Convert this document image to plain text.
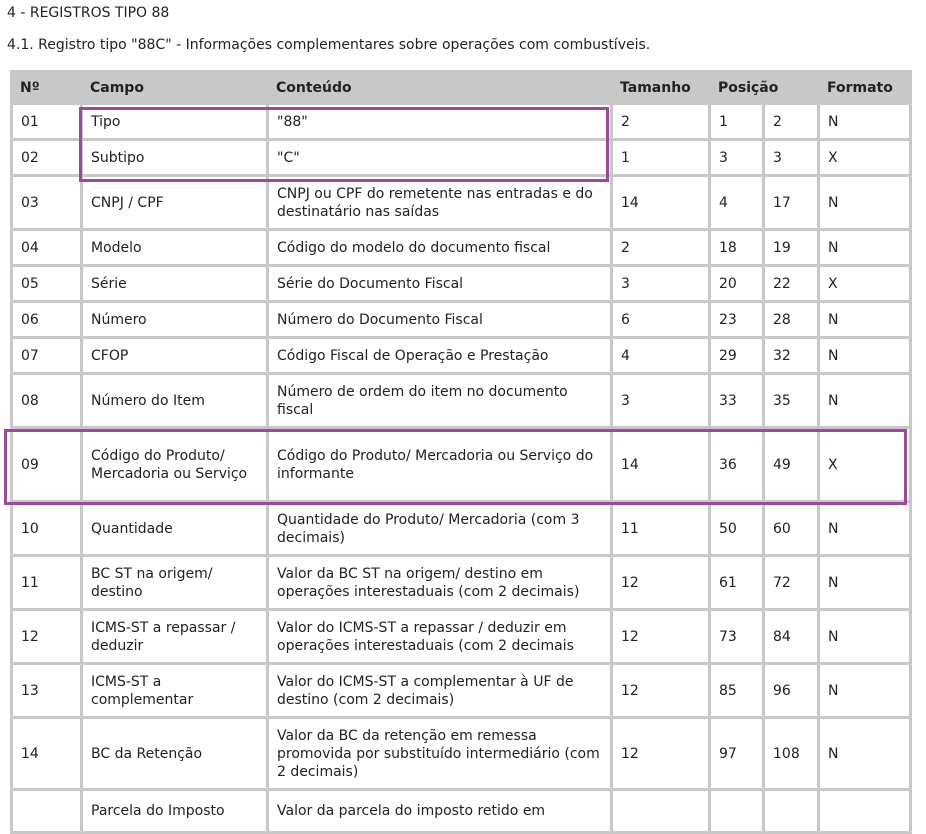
4 - REGISTROS TIPO 88
4.1. Registro tipo "88C" - Informações complementares sobre operações com combustíveis.
Nº	Campo	Conteúdo	Tamanho	Posição		Formato
01	Tipo	"88"	2	1	2	N
02	Subtipo	"C"	1	3	3	X
03	CNPJ / CPF	CNPJ ou CPF do remetente nas entradas e do destinatário nas saídas	14	4	17	N
04	Modelo	Código do modelo do documento fiscal	2	18	19	N
05	Série	Série do Documento Fiscal	3	20	22	X
06	Número	Número do Documento Fiscal	6	23	28	N
07	CFOP	Código Fiscal de Operação e Prestação	4	29	32	N
08	Número do Item	Número de ordem do item no documento fiscal	3	33	35	N
09	Código do Produto/ Mercadoria ou Serviço	Código do Produto/ Mercadoria ou Serviço do informante	14	36	49	X
10	Quantidade	Quantidade do Produto/ Mercadoria (com 3 decimais)	11	50	60	N
11	BC ST na origem/ destino	Valor da BC ST na origem/ destino em operações interestaduais (com 2 decimais)	12	61	72	N
12	ICMS-ST a repassar / deduzir	Valor do ICMS-ST a repassar / deduzir em operações interestaduais (com 2 decimais	12	73	84	N
13	ICMS-ST a complementar	Valor do ICMS-ST a complementar à UF de destino (com 2 decimais)	12	85	96	N
14	BC da Retenção	Valor da BC da retenção em remessa promovida por substituído intermediário (com 2 decimais)	12	97	108	N
	Parcela do Imposto	Valor da parcela do imposto retido em				
